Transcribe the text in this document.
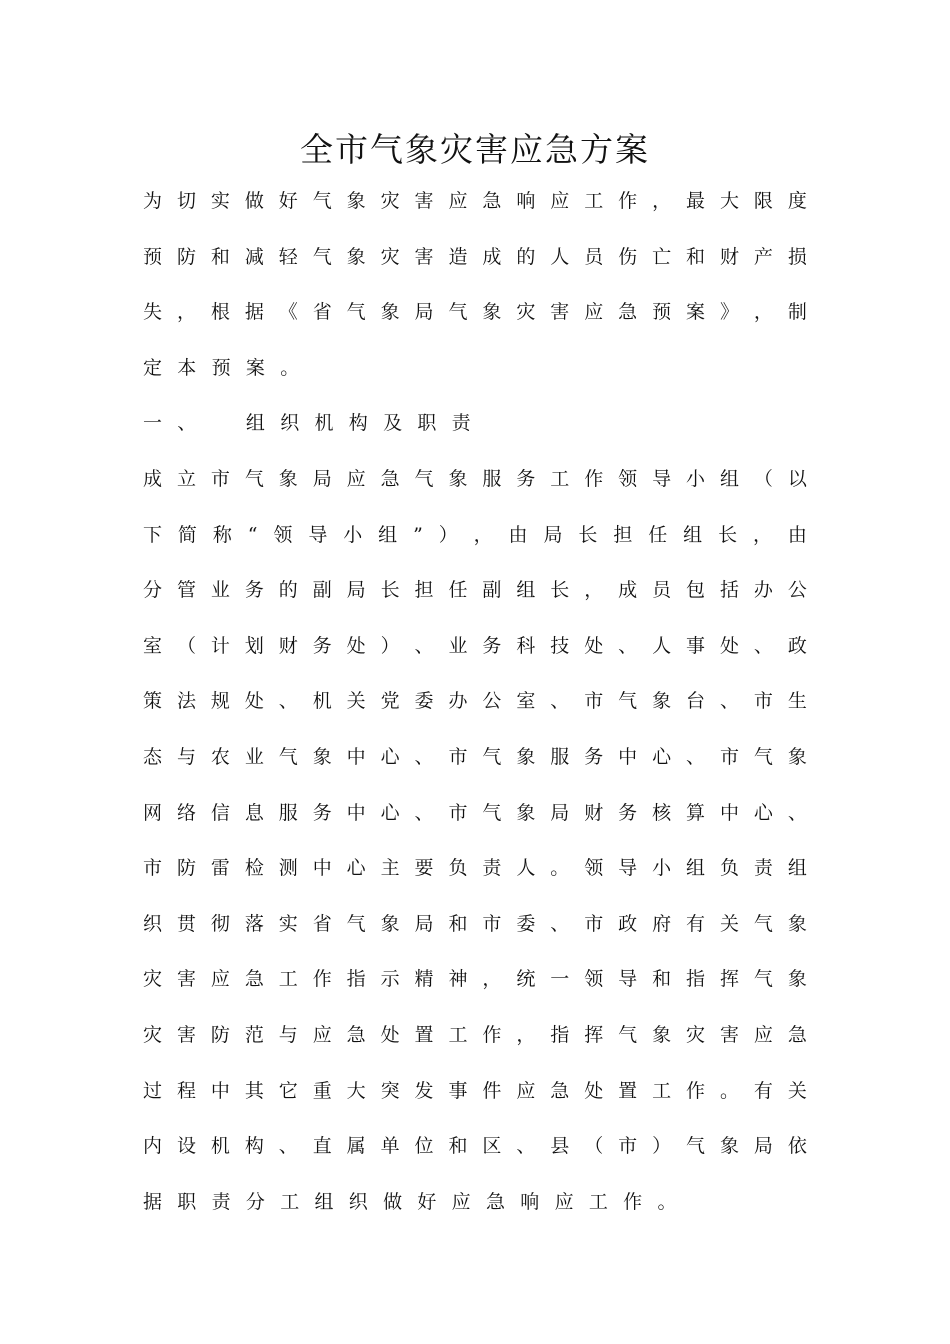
全市气象灾害应急方案
为 切 实 做 好 气 象 灾 害 应 急 响 应 工 作 ， 最 大 限 度
预 防 和 减 轻 气 象 灾 害 造 成 的 人 员 伤 亡 和 财 产 损
失 ， 根 据 《 省 气 象 局 气 象 灾 害 应 急 预 案 》 ， 制
定 本 预 案 。
一 、	组 织 机 构 及 职 责
成 立 市 气 象 局 应 急 气 象 服 务 工 作 领 导 小 组 （ 以
下 简 称 “ 领 导 小 组 ” ） ， 由 局 长 担 任 组 长 ， 由
分 管 业 务 的 副 局 长 担 任 副 组 长 ， 成 员 包 括 办 公
室 （ 计 划 财 务 处 ） 、 业 务 科 技 处 、 人 事 处 、 政
策 法 规 处 、 机 关 党 委 办 公 室 、 市 气 象 台 、 市 生
态 与 农 业 气 象 中 心 、 市 气 象 服 务 中 心 、 市 气 象
网 络 信 息 服 务 中 心 、 市 气 象 局 财 务 核 算 中 心 、
市 防 雷 检 测 中 心 主 要 负 责 人 。 领 导 小 组 负 责 组
织 贯 彻 落 实 省 气 象 局 和 市 委 、 市 政 府 有 关 气 象
灾 害 应 急 工 作 指 示 精 神 ， 统 一 领 导 和 指 挥 气 象
灾 害 防 范 与 应 急 处 置 工 作 ， 指 挥 气 象 灾 害 应 急
过 程 中 其 它 重 大 突 发 事 件 应 急 处 置 工 作 。 有 关
内 设 机 构 、 直 属 单 位 和 区 、 县 （ 市 ） 气 象 局 依
据 职 责 分 工 组 织 做 好 应 急 响 应 工 作 。
